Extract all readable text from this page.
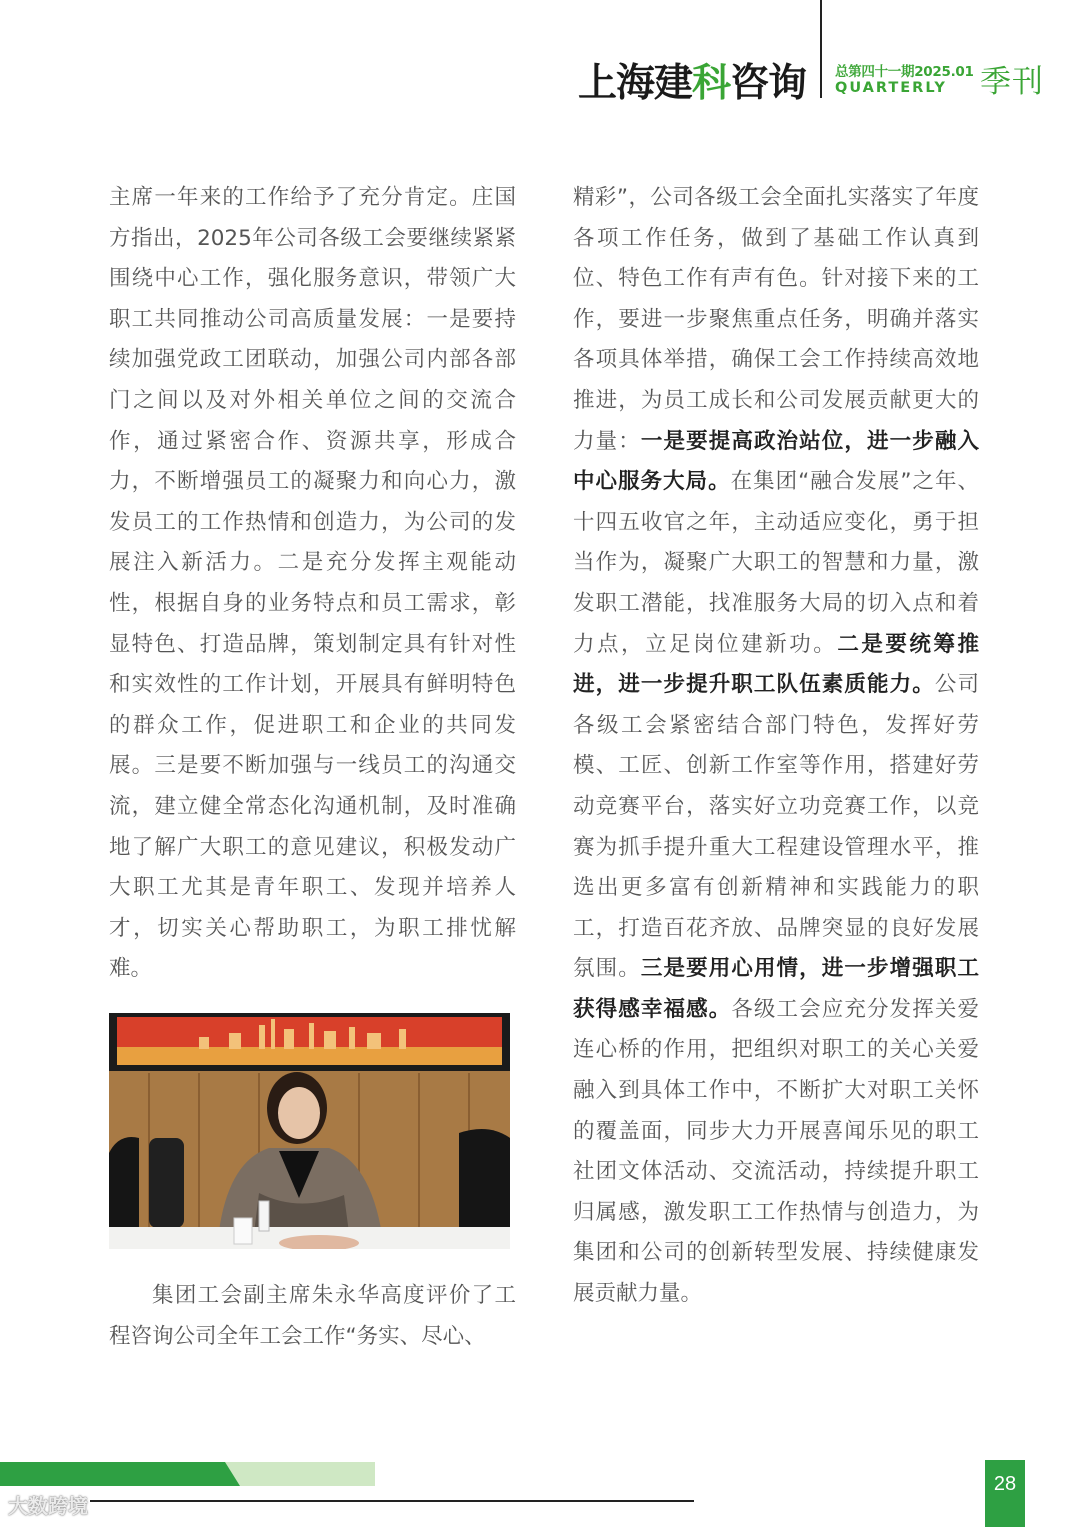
上海建科咨询	总第四十一期2025.01
QUARTERLY 季刊

主席一年来的工作给予了充分肯定。庄国方指出，2025年公司各级工会要继续紧紧围绕中心工作，强化服务意识，带领广大职工共同推动公司高质量发展：一是要持续加强党政工团联动，加强公司内部各部门之间以及对外相关单位之间的交流合作，通过紧密合作、资源共享，形成合力，不断增强员工的凝聚力和向心力，激发员工的工作热情和创造力，为公司的发展注入新活力。二是充分发挥主观能动性，根据自身的业务特点和员工需求，彰显特色、打造品牌，策划制定具有针对性和实效性的工作计划，开展具有鲜明特色的群众工作，促进职工和企业的共同发展。三是要不断加强与一线员工的沟通交流，建立健全常态化沟通机制，及时准确地了解广大职工的意见建议，积极发动广大职工尤其是青年职工、发现并培养人才，切实关心帮助职工，为职工排忧解难。

集团工会副主席朱永华高度评价了工程咨询公司全年工会工作“务实、尽心、

精彩”，公司各级工会全面扎实落实了年度各项工作任务，做到了基础工作认真到位、特色工作有声有色。针对接下来的工作，要进一步聚焦重点任务，明确并落实各项具体举措，确保工会工作持续高效地推进，为员工成长和公司发展贡献更大的力量：一是要提高政治站位，进一步融入中心服务大局。在集团“融合发展”之年、十四五收官之年，主动适应变化，勇于担当作为，凝聚广大职工的智慧和力量，激发职工潜能，找准服务大局的切入点和着力点，立足岗位建新功。二是要统筹推进，进一步提升职工队伍素质能力。公司各级工会紧密结合部门特色，发挥好劳模、工匠、创新工作室等作用，搭建好劳动竞赛平台，落实好立功竞赛工作，以竞赛为抓手提升重大工程建设管理水平，推选出更多富有创新精神和实践能力的职工，打造百花齐放、品牌突显的良好发展氛围。三是要用心用情，进一步增强职工获得感幸福感。各级工会应充分发挥关爱连心桥的作用，把组织对职工的关心关爱融入到具体工作中，不断扩大对职工关怀的覆盖面，同步大力开展喜闻乐见的职工社团文体活动、交流活动，持续提升职工归属感，激发职工工作热情与创造力，为集团和公司的创新转型发展、持续健康发展贡献力量。

大数跨境
28
